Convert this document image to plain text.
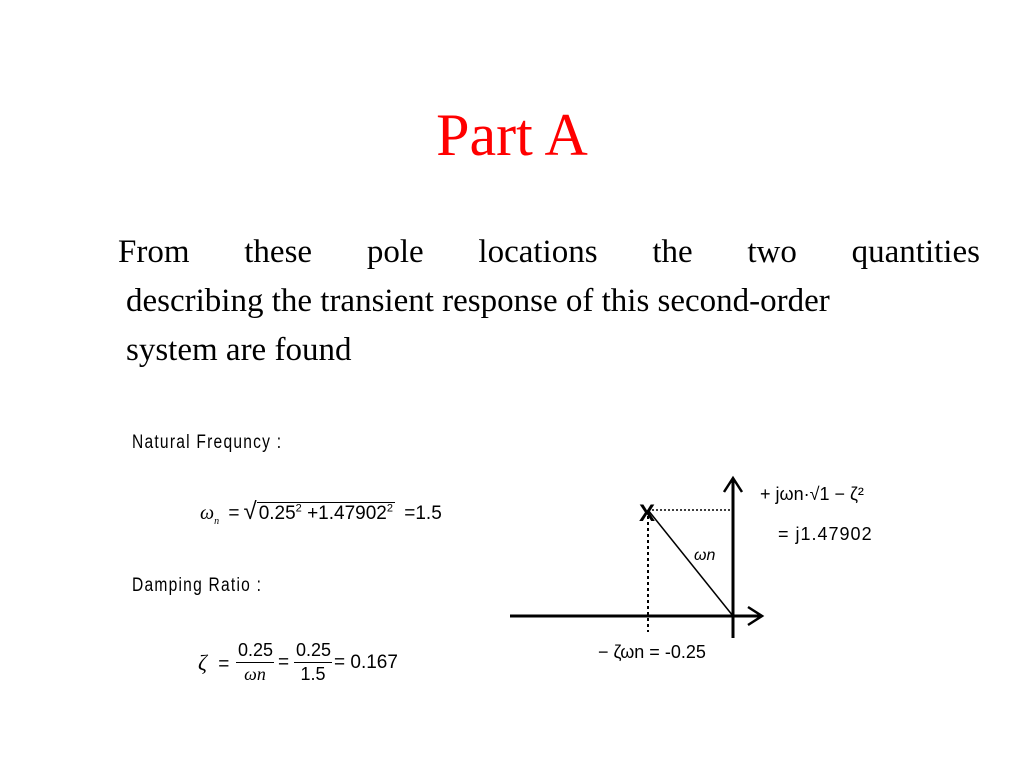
Part A
From these pole locations the two quantities
describing the transient response of this second-order
system are found
Natural Frequncy :
$\omega_n$ = √ $0.25^2 +1.47902^2 =1.5$
Damping Ratio :
$\zeta = \frac{0.25}{\omega n} = \frac{0.25}{1.5} = 0.167$
X
ωn
+ jωn·√1 − ζ²
= j1.47902
− ζωn = -0.25
